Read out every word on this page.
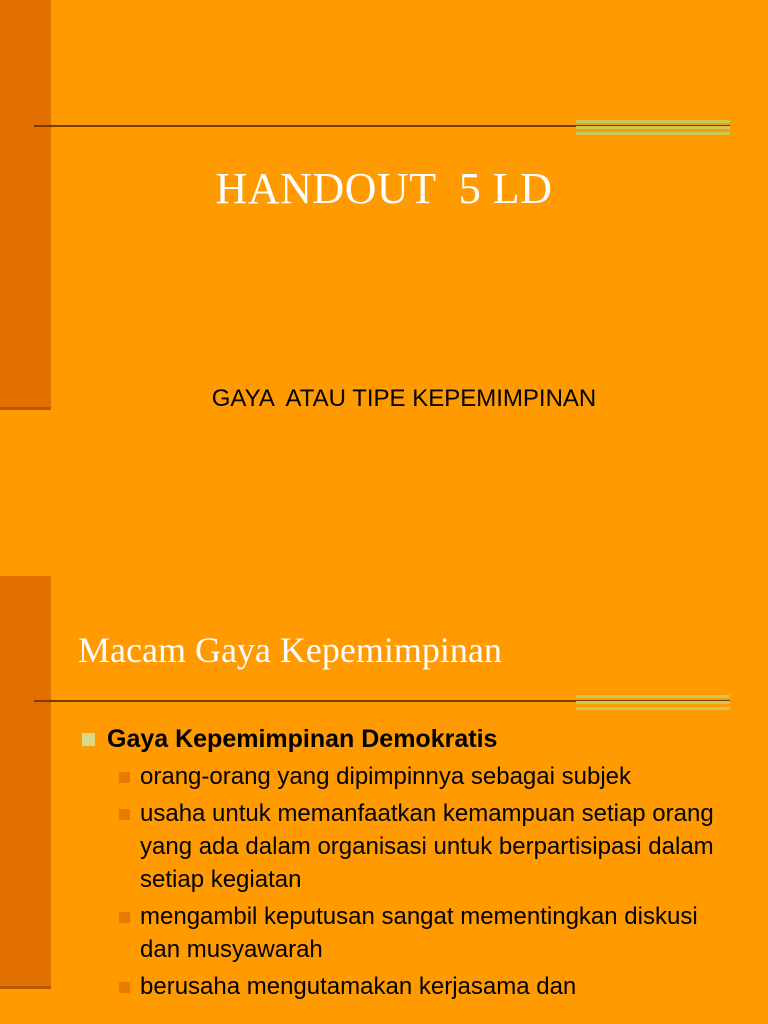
HANDOUT  5 LD
GAYA  ATAU TIPE KEPEMIMPINAN
Macam Gaya Kepemimpinan
Gaya Kepemimpinan Demokratis
orang-orang yang dipimpinnya sebagai subjek
usaha untuk memanfaatkan kemampuan setiap orang yang ada dalam organisasi untuk berpartisipasi dalam setiap kegiatan
mengambil keputusan sangat mementingkan diskusi dan musyawarah
berusaha mengutamakan kerjasama dan
